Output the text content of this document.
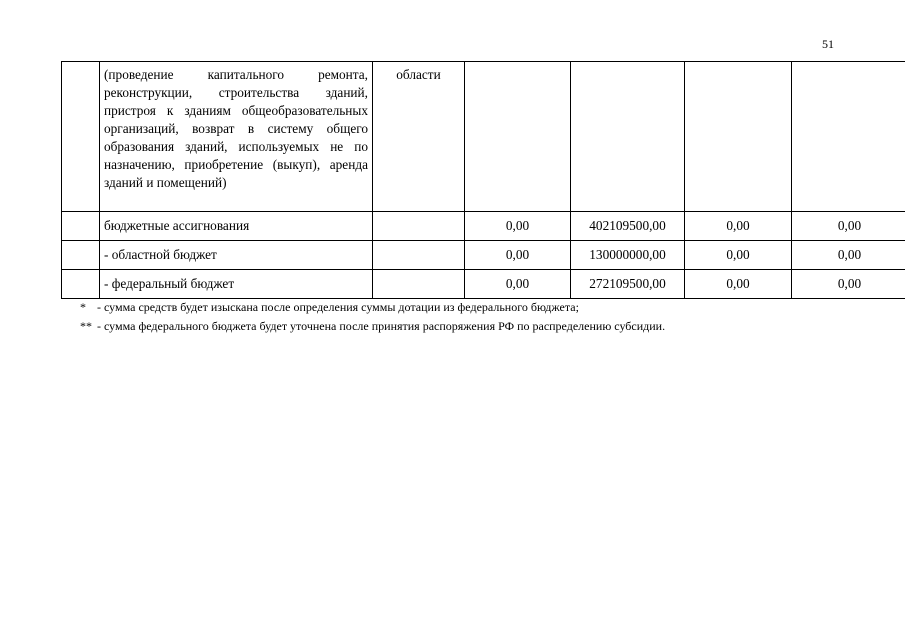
51

	(проведение капитального ремонта, реконструкции, строительства зданий, пристроя к зданиям общеобразовательных организаций, возврат в систему общего образования зданий, используемых не по назначению, приобретение (выкуп), аренда зданий и помещений)	области				

	бюджетные ассигнования		0,00	402109500,00	0,00	0,00

	- областной бюджет		0,00	130000000,00	0,00	0,00

	- федеральный бюджет		0,00	272109500,00	0,00	0,00
* - сумма средств будет изыскана после определения суммы дотации из федерального бюджета;
** - сумма федерального бюджета будет уточнена после принятия распоряжения РФ по распределению субсидии.
